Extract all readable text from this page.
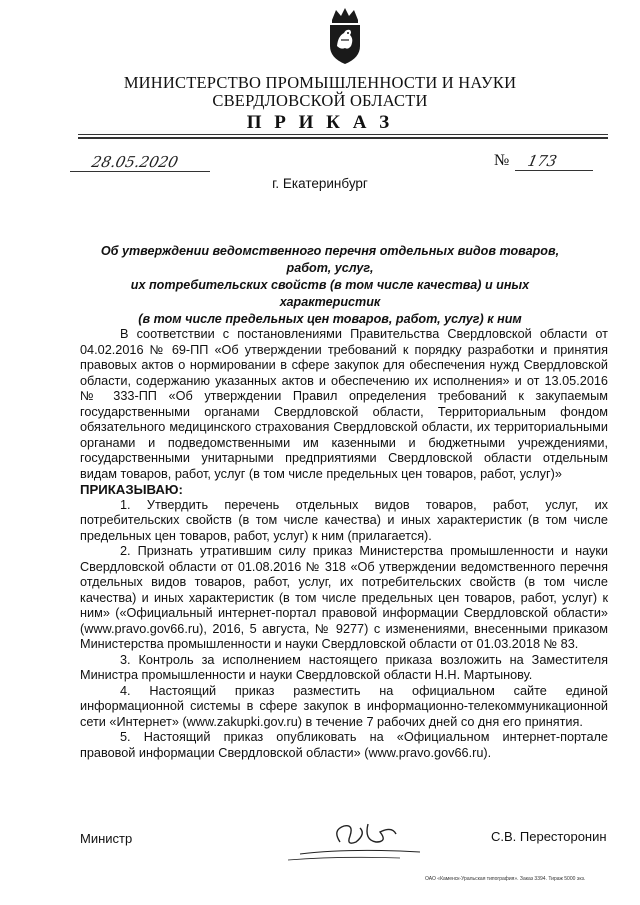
МИНИСТЕРСТВО ПРОМЫШЛЕННОСТИ И НАУКИ
СВЕРДЛОВСКОЙ ОБЛАСТИ
П Р И К А З
28.05.2020	№ 173
г. Екатеринбург
Об утверждении ведомственного перечня отдельных видов товаров, работ, услуг,
их потребительских свойств (в том числе качества) и иных характеристик
(в том числе предельных цен товаров, работ, услуг) к ним

В соответствии с постановлениями Правительства Свердловской области от 04.02.2016 № 69-ПП «Об утверждении требований к порядку разработки и принятия правовых актов о нормировании в сфере закупок для обеспечения нужд Свердловской области, содержанию указанных актов и обеспечению их исполнения» и от 13.05.2016 № 333-ПП «Об утверждении Правил определения требований к закупаемым государственными органами Свердловской области, Территориальным фондом обязательного медицинского страхования Свердловской области, их территориальными органами и подведомственными им казенными и бюджетными учреждениями, государственными унитарными предприятиями Свердловской области отдельным видам товаров, работ, услуг (в том числе предельных цен товаров, работ, услуг)»

ПРИКАЗЫВАЮ:

1. Утвердить перечень отдельных видов товаров, работ, услуг, их потребительских свойств (в том числе качества) и иных характеристик (в том числе предельных цен товаров, работ, услуг) к ним (прилагается).

2. Признать утратившим силу приказ Министерства промышленности и науки Свердловской области от 01.08.2016 № 318 «Об утверждении ведомственного перечня отдельных видов товаров, работ, услуг, их потребительских свойств (в том числе качества) и иных характеристик (в том числе предельных цен товаров, работ, услуг) к ним» («Официальный интернет-портал правовой информации Свердловской области» (www.pravo.gov66.ru), 2016, 5 августа, № 9277) с изменениями, внесенными приказом Министерства промышленности и науки Свердловской области от 01.03.2018 № 83.

3. Контроль за исполнением настоящего приказа возложить на Заместителя Министра промышленности и науки Свердловской области Н.Н. Мартынову.

4. Настоящий приказ разместить на официальном сайте единой информационной системы в сфере закупок в информационно-телекоммуникационной сети «Интернет» (www.zakupki.gov.ru) в течение 7 рабочих дней со дня его принятия.

5. Настоящий приказ опубликовать на «Официальном интернет-портале правовой информации Свердловской области» (www.pravo.gov66.ru).

Министр	С.В. Пересторонин
ОАО «Каменск-Уральская типография». Заказ 3394. Тираж 5000 экз.
